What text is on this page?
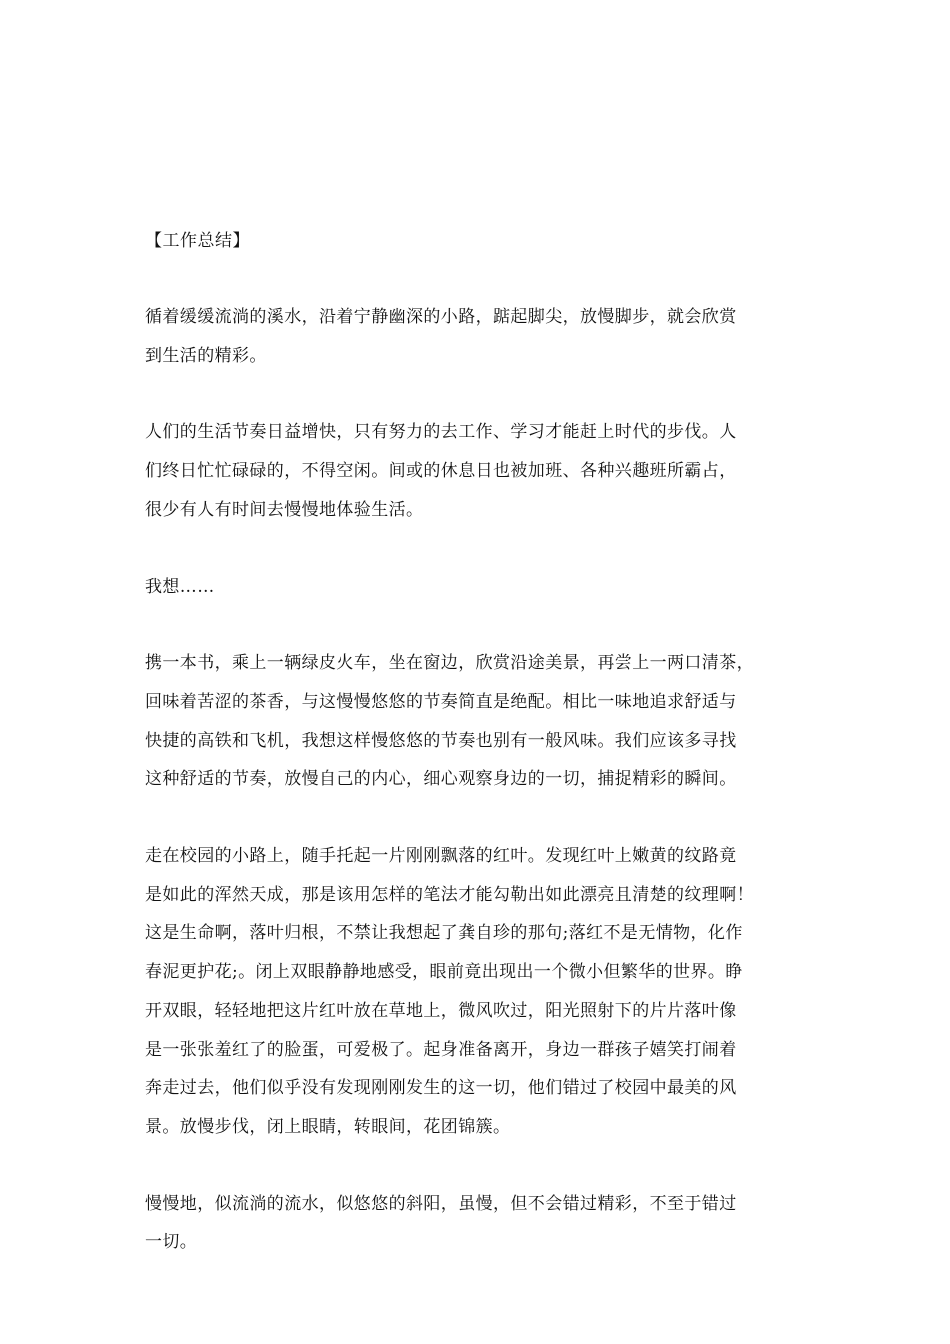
【工作总结】
循着缓缓流淌的溪水，沿着宁静幽深的小路，踮起脚尖，放慢脚步，就会欣赏
到生活的精彩。
人们的生活节奏日益增快，只有努力的去工作、学习才能赶上时代的步伐。人
们终日忙忙碌碌的，不得空闲。间或的休息日也被加班、各种兴趣班所霸占，
很少有人有时间去慢慢地体验生活。
我想……
携一本书，乘上一辆绿皮火车，坐在窗边，欣赏沿途美景，再尝上一两口清茶，
回味着苦涩的茶香，与这慢慢悠悠的节奏简直是绝配。相比一味地追求舒适与
快捷的高铁和飞机，我想这样慢悠悠的节奏也别有一般风味。我们应该多寻找
这种舒适的节奏，放慢自己的内心，细心观察身边的一切，捕捉精彩的瞬间。
走在校园的小路上，随手托起一片刚刚飘落的红叶。发现红叶上嫩黄的纹路竟
是如此的浑然天成，那是该用怎样的笔法才能勾勒出如此漂亮且清楚的纹理啊！
这是生命啊，落叶归根，不禁让我想起了龚自珍的那句;落红不是无情物，化作
春泥更护花;。闭上双眼静静地感受，眼前竟出现出一个微小但繁华的世界。睁
开双眼，轻轻地把这片红叶放在草地上，微风吹过，阳光照射下的片片落叶像
是一张张羞红了的脸蛋，可爱极了。起身准备离开，身边一群孩子嬉笑打闹着
奔走过去，他们似乎没有发现刚刚发生的这一切，他们错过了校园中最美的风
景。放慢步伐，闭上眼睛，转眼间，花团锦簇。
慢慢地，似流淌的流水，似悠悠的斜阳，虽慢，但不会错过精彩，不至于错过
一切。
